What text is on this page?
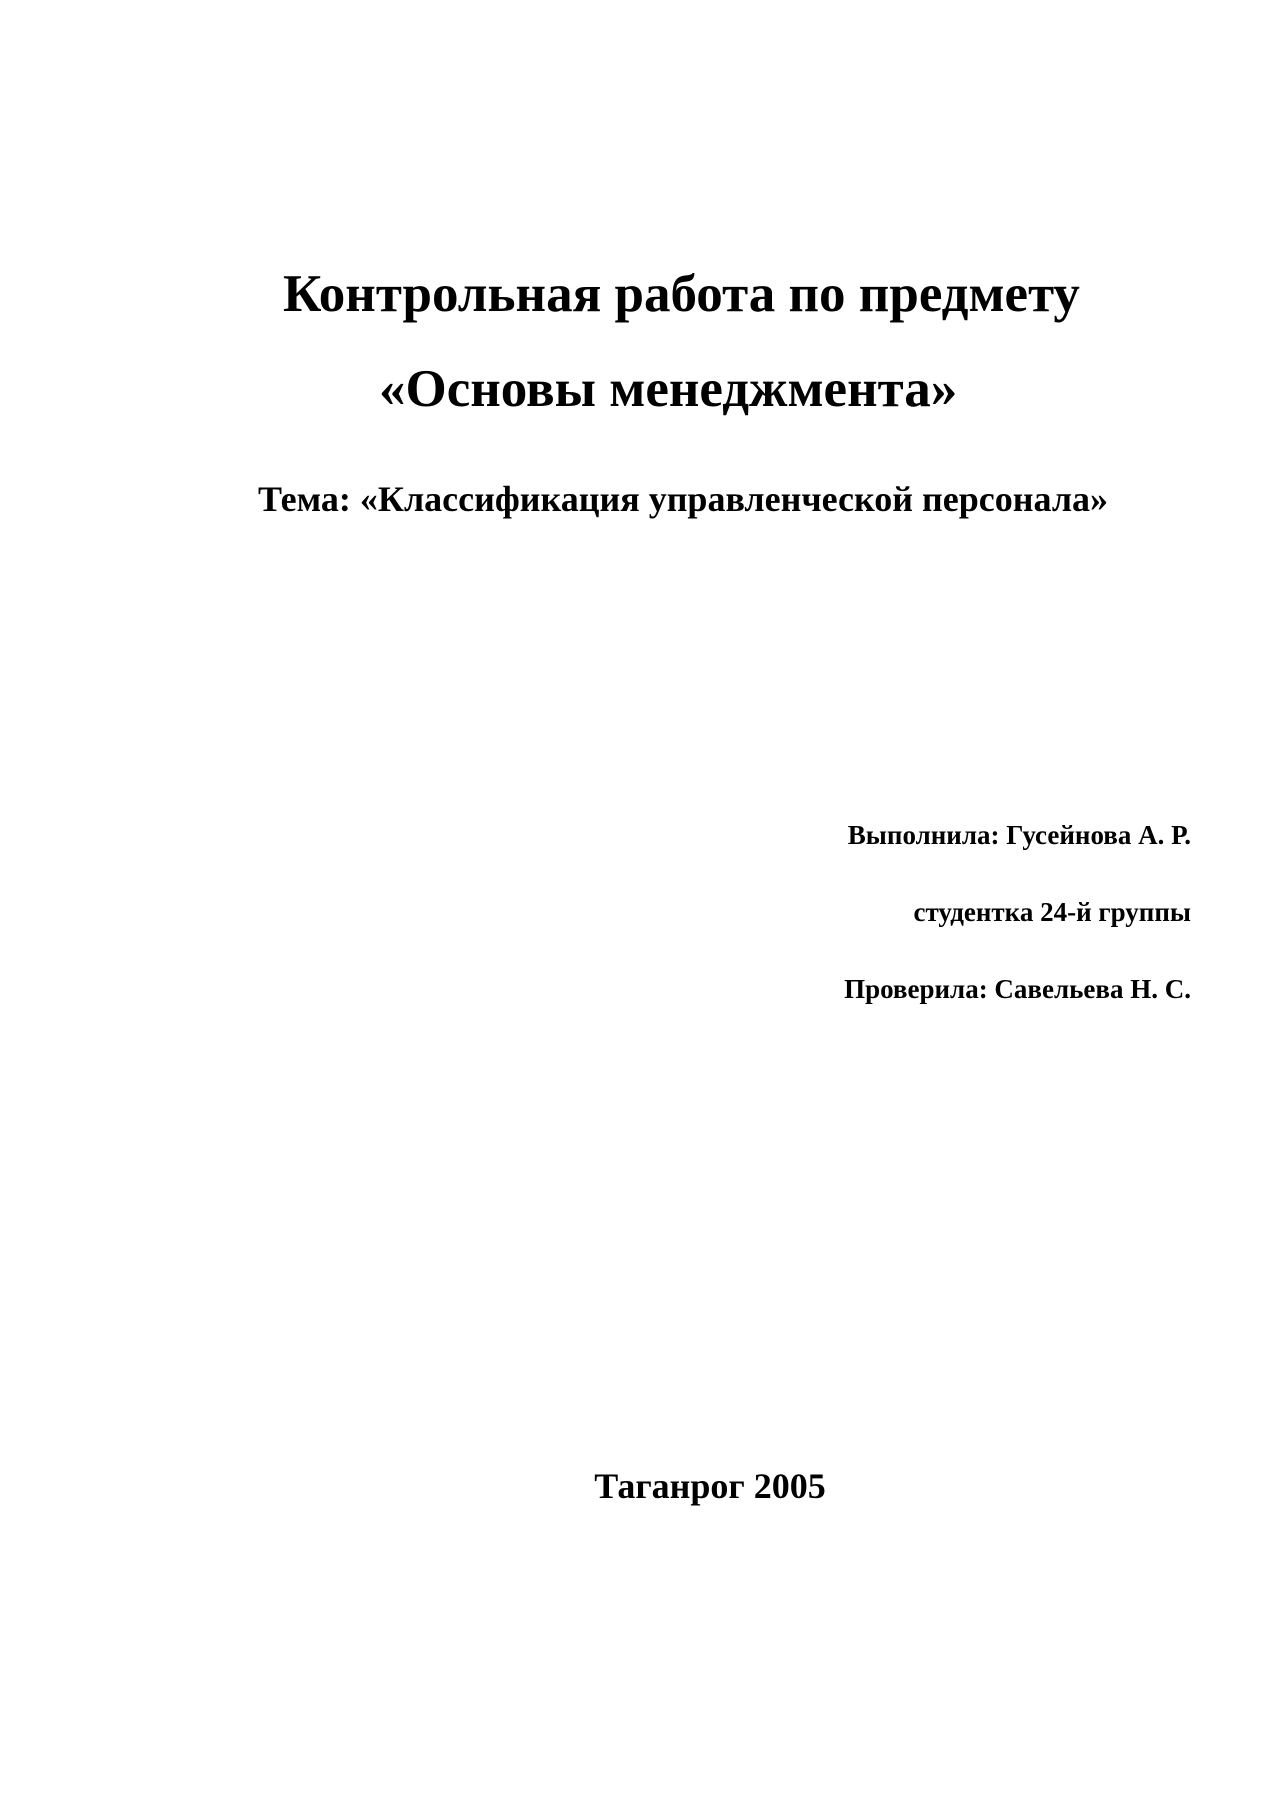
Контрольная работа по предмету
«Основы менеджмента»
Тема: «Классификация управленческой персонала»
Выполнила: Гусейнова А. Р.
студентка 24-й группы
Проверила: Савельева Н. С.
Таганрог 2005
